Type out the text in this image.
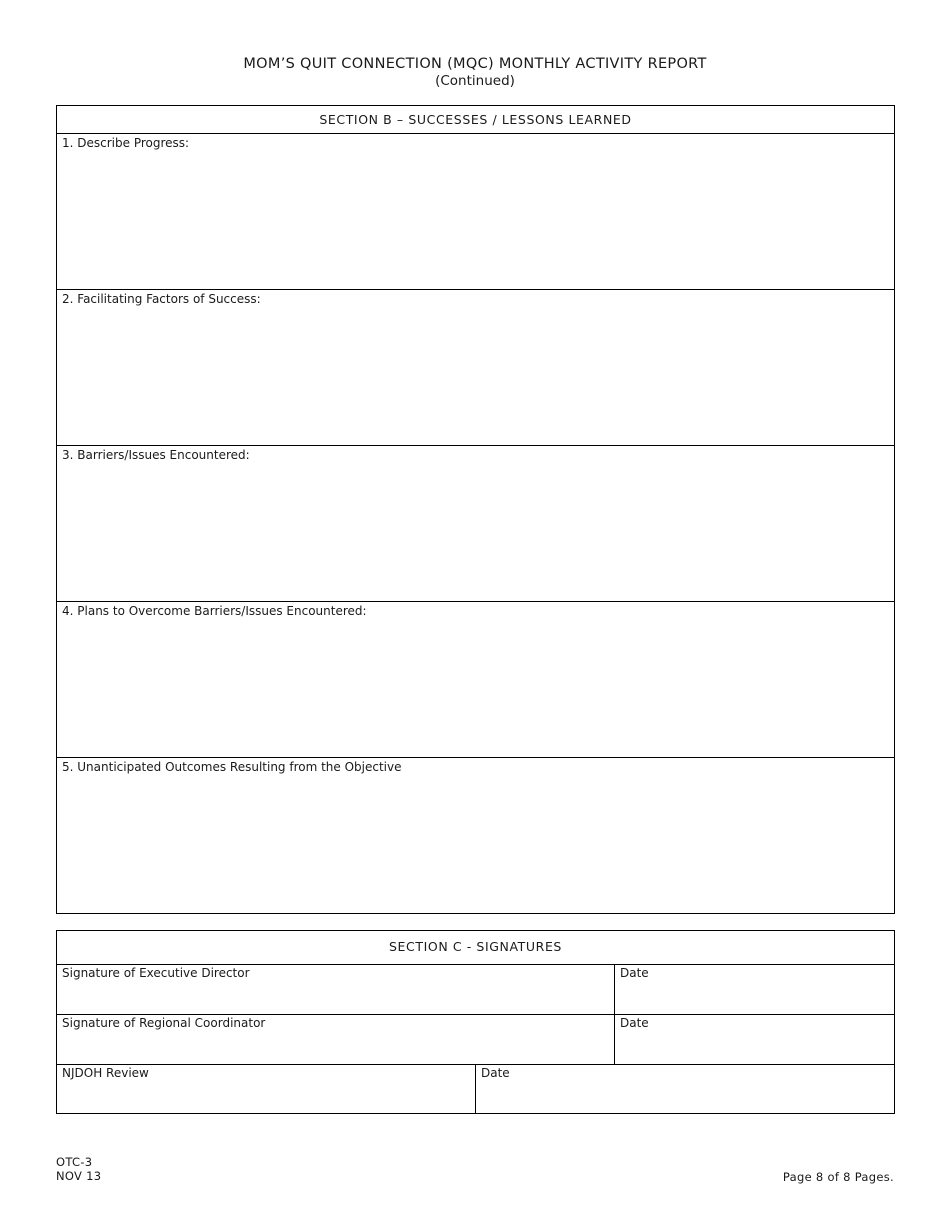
MOM’S QUIT CONNECTION (MQC) MONTHLY ACTIVITY REPORT
(Continued)
SECTION B – SUCCESSES / LESSONS LEARNED
1. Describe Progress:
2. Facilitating Factors of Success:
3. Barriers/Issues Encountered:
4. Plans to Overcome Barriers/Issues Encountered:
5. Unanticipated Outcomes Resulting from the Objective
SECTION C - SIGNATURES
Signature of Executive Director	Date
Signature of Regional Coordinator	Date
NJDOH Review	Date
OTC-3
NOV 13	Page 8 of 8 Pages.
